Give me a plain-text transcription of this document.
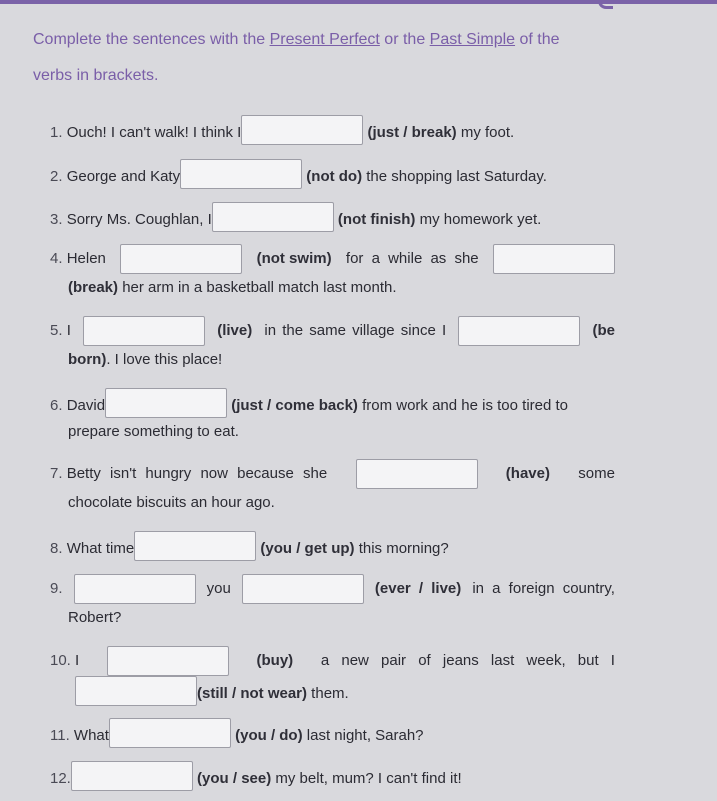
Complete the sentences with the Present Perfect or the Past Simple of the
verbs in brackets.
1. Ouch! I can't walk! I think I	(just / break) my foot.
2. George and Katy	(not do) the shopping last Saturday.
3. Sorry Ms. Coughlan, I	(not finish) my homework yet.
4. Helen	(not swim) for a while as she
(break) her arm in a basketball match last month.
5. I	(live) in the same village since I	(be
born). I love this place!
6. David	(just / come back) from work and he is too tired to
prepare something to eat.
7. Betty isn't hungry now because she	(have) some
chocolate biscuits an hour ago.
8. What time	(you / get up) this morning?
9.	you	(ever / live) in a foreign country,
Robert?
10. I	(buy) a new pair of jeans last week, but I
(still / not wear) them.
11. What	(you / do) last night, Sarah?
12.	(you / see) my belt, mum? I can't find it!
